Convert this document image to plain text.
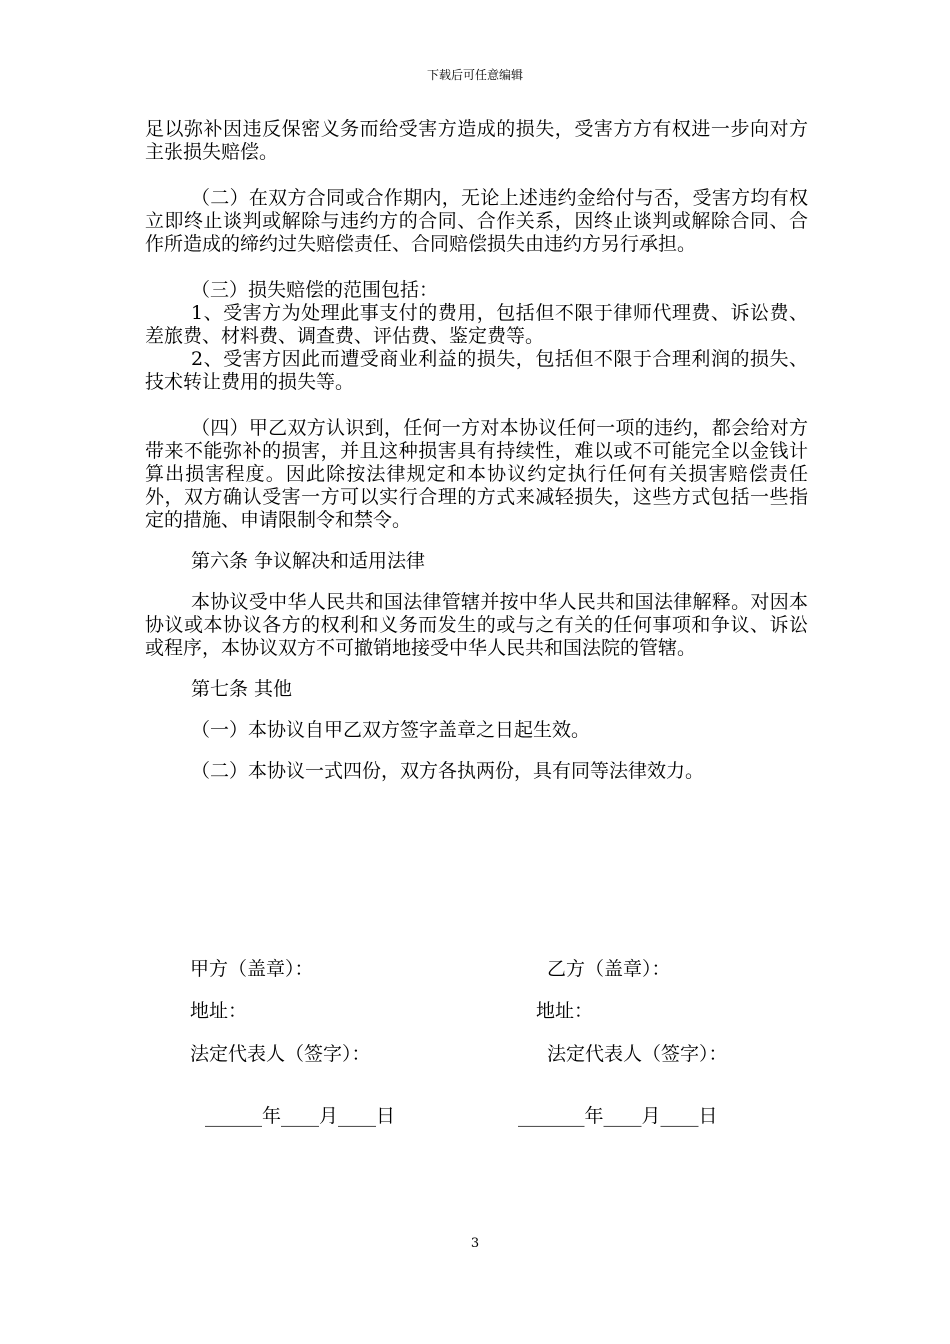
下载后可任意编辑

足以弥补因违反保密义务而给受害方造成的损失，受害方方有权进一步向对方主张损失赔偿。

（二）在双方合同或合作期内，无论上述违约金给付与否，受害方均有权立即终止谈判或解除与违约方的合同、合作关系，因终止谈判或解除合同、合作所造成的缔约过失赔偿责任、合同赔偿损失由违约方另行承担。

（三）损失赔偿的范围包括：

1、受害方为处理此事支付的费用，包括但不限于律师代理费、诉讼费、差旅费、材料费、调查费、评估费、鉴定费等。

2、受害方因此而遭受商业利益的损失，包括但不限于合理利润的损失、技术转让费用的损失等。

（四）甲乙双方认识到，任何一方对本协议任何一项的违约，都会给对方带来不能弥补的损害，并且这种损害具有持续性，难以或不可能完全以金钱计算出损害程度。因此除按法律规定和本协议约定执行任何有关损害赔偿责任外，双方确认受害一方可以实行合理的方式来减轻损失，这些方式包括一些指定的措施、申请限制令和禁令。

第六条 争议解决和适用法律

本协议受中华人民共和国法律管辖并按中华人民共和国法律解释。对因本协议或本协议各方的权利和义务而发生的或与之有关的任何事项和争议、诉讼或程序，本协议双方不可撤销地接受中华人民共和国法院的管辖。

第七条 其他

（一）本协议自甲乙双方签字盖章之日起生效。

（二）本协议一式四份，双方各执两份，具有同等法律效力。

甲方（盖章）：	乙方（盖章）：
地址：	地址：
法定代表人（签字）：	法定代表人（签字）：
______年____月____日	_______年____月____日
3
